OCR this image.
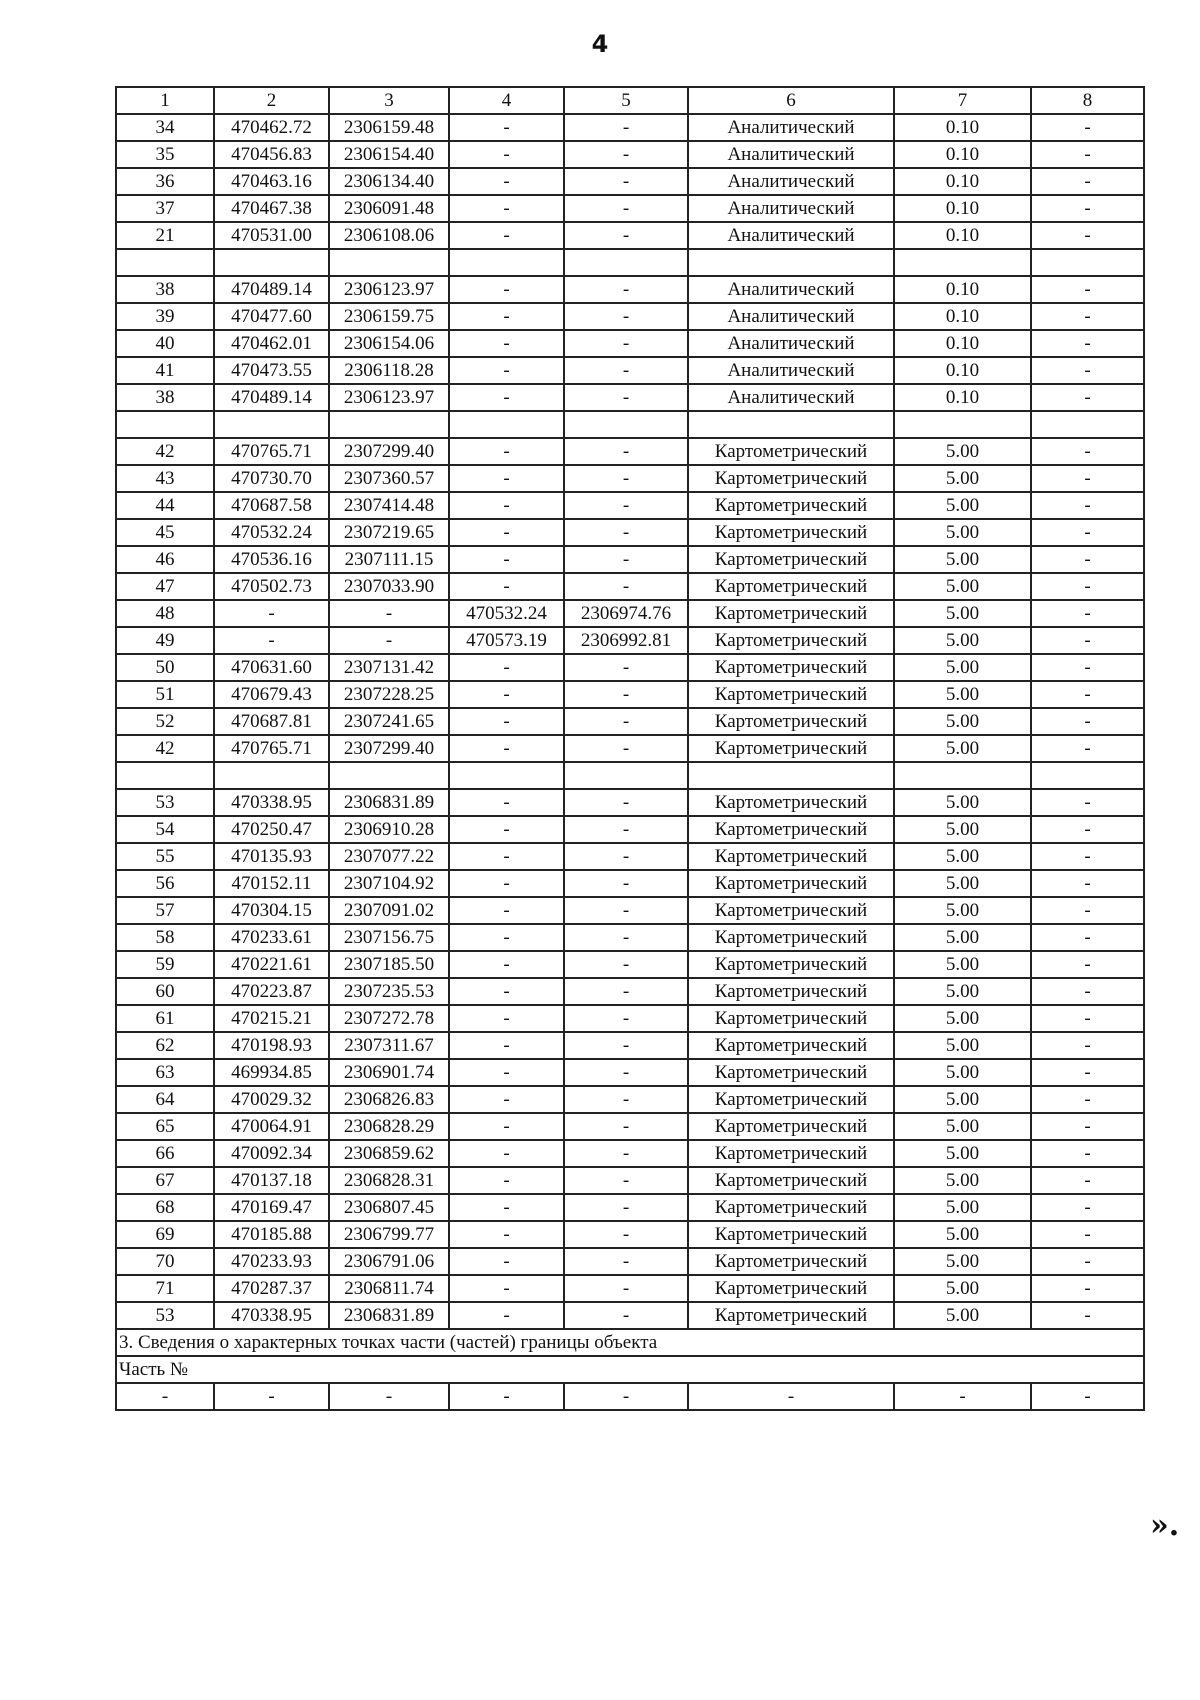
4
1	2	3	4	5	6	7	8
34	470462.72	2306159.48	-	-	Аналитический	0.10	-
35	470456.83	2306154.40	-	-	Аналитический	0.10	-
36	470463.16	2306134.40	-	-	Аналитический	0.10	-
37	470467.38	2306091.48	-	-	Аналитический	0.10	-
21	470531.00	2306108.06	-	-	Аналитический	0.10	-

38	470489.14	2306123.97	-	-	Аналитический	0.10	-
39	470477.60	2306159.75	-	-	Аналитический	0.10	-
40	470462.01	2306154.06	-	-	Аналитический	0.10	-
41	470473.55	2306118.28	-	-	Аналитический	0.10	-
38	470489.14	2306123.97	-	-	Аналитический	0.10	-

42	470765.71	2307299.40	-	-	Картометрический	5.00	-
43	470730.70	2307360.57	-	-	Картометрический	5.00	-
44	470687.58	2307414.48	-	-	Картометрический	5.00	-
45	470532.24	2307219.65	-	-	Картометрический	5.00	-
46	470536.16	2307111.15	-	-	Картометрический	5.00	-
47	470502.73	2307033.90	-	-	Картометрический	5.00	-
48	-	-	470532.24	2306974.76	Картометрический	5.00	-
49	-	-	470573.19	2306992.81	Картометрический	5.00	-
50	470631.60	2307131.42	-	-	Картометрический	5.00	-
51	470679.43	2307228.25	-	-	Картометрический	5.00	-
52	470687.81	2307241.65	-	-	Картометрический	5.00	-
42	470765.71	2307299.40	-	-	Картометрический	5.00	-

53	470338.95	2306831.89	-	-	Картометрический	5.00	-
54	470250.47	2306910.28	-	-	Картометрический	5.00	-
55	470135.93	2307077.22	-	-	Картометрический	5.00	-
56	470152.11	2307104.92	-	-	Картометрический	5.00	-
57	470304.15	2307091.02	-	-	Картометрический	5.00	-
58	470233.61	2307156.75	-	-	Картометрический	5.00	-
59	470221.61	2307185.50	-	-	Картометрический	5.00	-
60	470223.87	2307235.53	-	-	Картометрический	5.00	-
61	470215.21	2307272.78	-	-	Картометрический	5.00	-
62	470198.93	2307311.67	-	-	Картометрический	5.00	-
63	469934.85	2306901.74	-	-	Картометрический	5.00	-
64	470029.32	2306826.83	-	-	Картометрический	5.00	-
65	470064.91	2306828.29	-	-	Картометрический	5.00	-
66	470092.34	2306859.62	-	-	Картометрический	5.00	-
67	470137.18	2306828.31	-	-	Картометрический	5.00	-
68	470169.47	2306807.45	-	-	Картометрический	5.00	-
69	470185.88	2306799.77	-	-	Картометрический	5.00	-
70	470233.93	2306791.06	-	-	Картометрический	5.00	-
71	470287.37	2306811.74	-	-	Картометрический	5.00	-
53	470338.95	2306831.89	-	-	Картометрический	5.00	-
3. Сведения о характерных точках части (частей) границы объекта							
Часть №							
-	-	-	-	-	-	-	-
».
